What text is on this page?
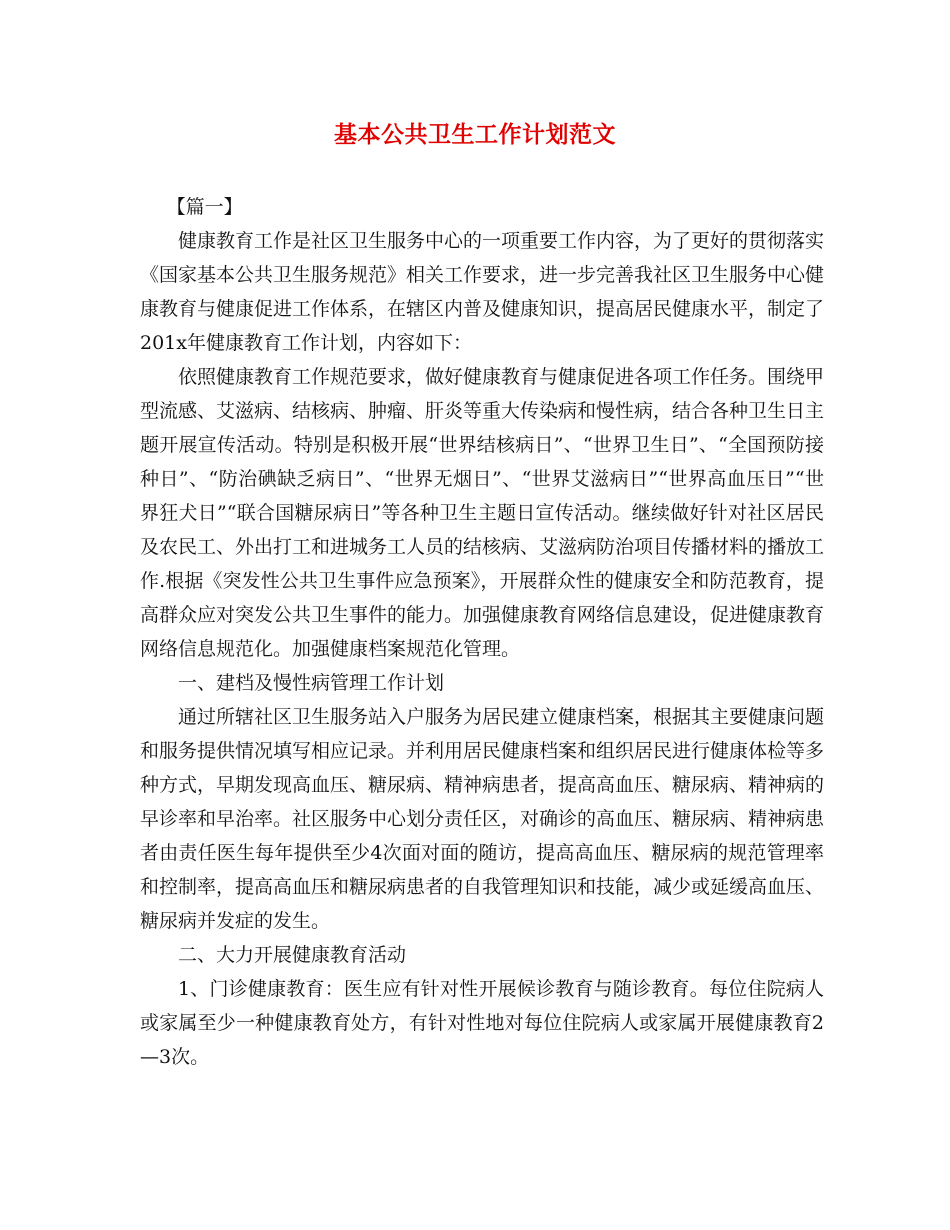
基本公共卫生工作计划范文

【篇一】

健康教育工作是社区卫生服务中心的一项重要工作内容，为了更好的贯彻落实《国家基本公共卫生服务规范》相关工作要求，进一步完善我社区卫生服务中心健康教育与健康促进工作体系，在辖区内普及健康知识，提高居民健康水平，制定了201x年健康教育工作计划，内容如下：

依照健康教育工作规范要求，做好健康教育与健康促进各项工作任务。围绕甲型流感、艾滋病、结核病、肿瘤、肝炎等重大传染病和慢性病，结合各种卫生日主题开展宣传活动。特别是积极开展“世界结核病日”、“世界卫生日”、“全国预防接种日”、“防治碘缺乏病日”、“世界无烟日”、“世界艾滋病日”“世界高血压日”“世界狂犬日”“联合国糖尿病日”等各种卫生主题日宣传活动。继续做好针对社区居民及农民工、外出打工和进城务工人员的结核病、艾滋病防治项目传播材料的播放工作.根据《突发性公共卫生事件应急预案》，开展群众性的健康安全和防范教育，提高群众应对突发公共卫生事件的能力。加强健康教育网络信息建设，促进健康教育网络信息规范化。加强健康档案规范化管理。

一、建档及慢性病管理工作计划

通过所辖社区卫生服务站入户服务为居民建立健康档案，根据其主要健康问题和服务提供情况填写相应记录。并利用居民健康档案和组织居民进行健康体检等多种方式，早期发现高血压、糖尿病、精神病患者，提高高血压、糖尿病、精神病的早诊率和早治率。社区服务中心划分责任区，对确诊的高血压、糖尿病、精神病患者由责任医生每年提供至少4次面对面的随访，提高高血压、糖尿病的规范管理率和控制率，提高高血压和糖尿病患者的自我管理知识和技能，减少或延缓高血压、糖尿病并发症的发生。

二、大力开展健康教育活动

1、门诊健康教育：医生应有针对性开展候诊教育与随诊教育。每位住院病人或家属至少一种健康教育处方，有针对性地对每位住院病人或家属开展健康教育2—3次。
